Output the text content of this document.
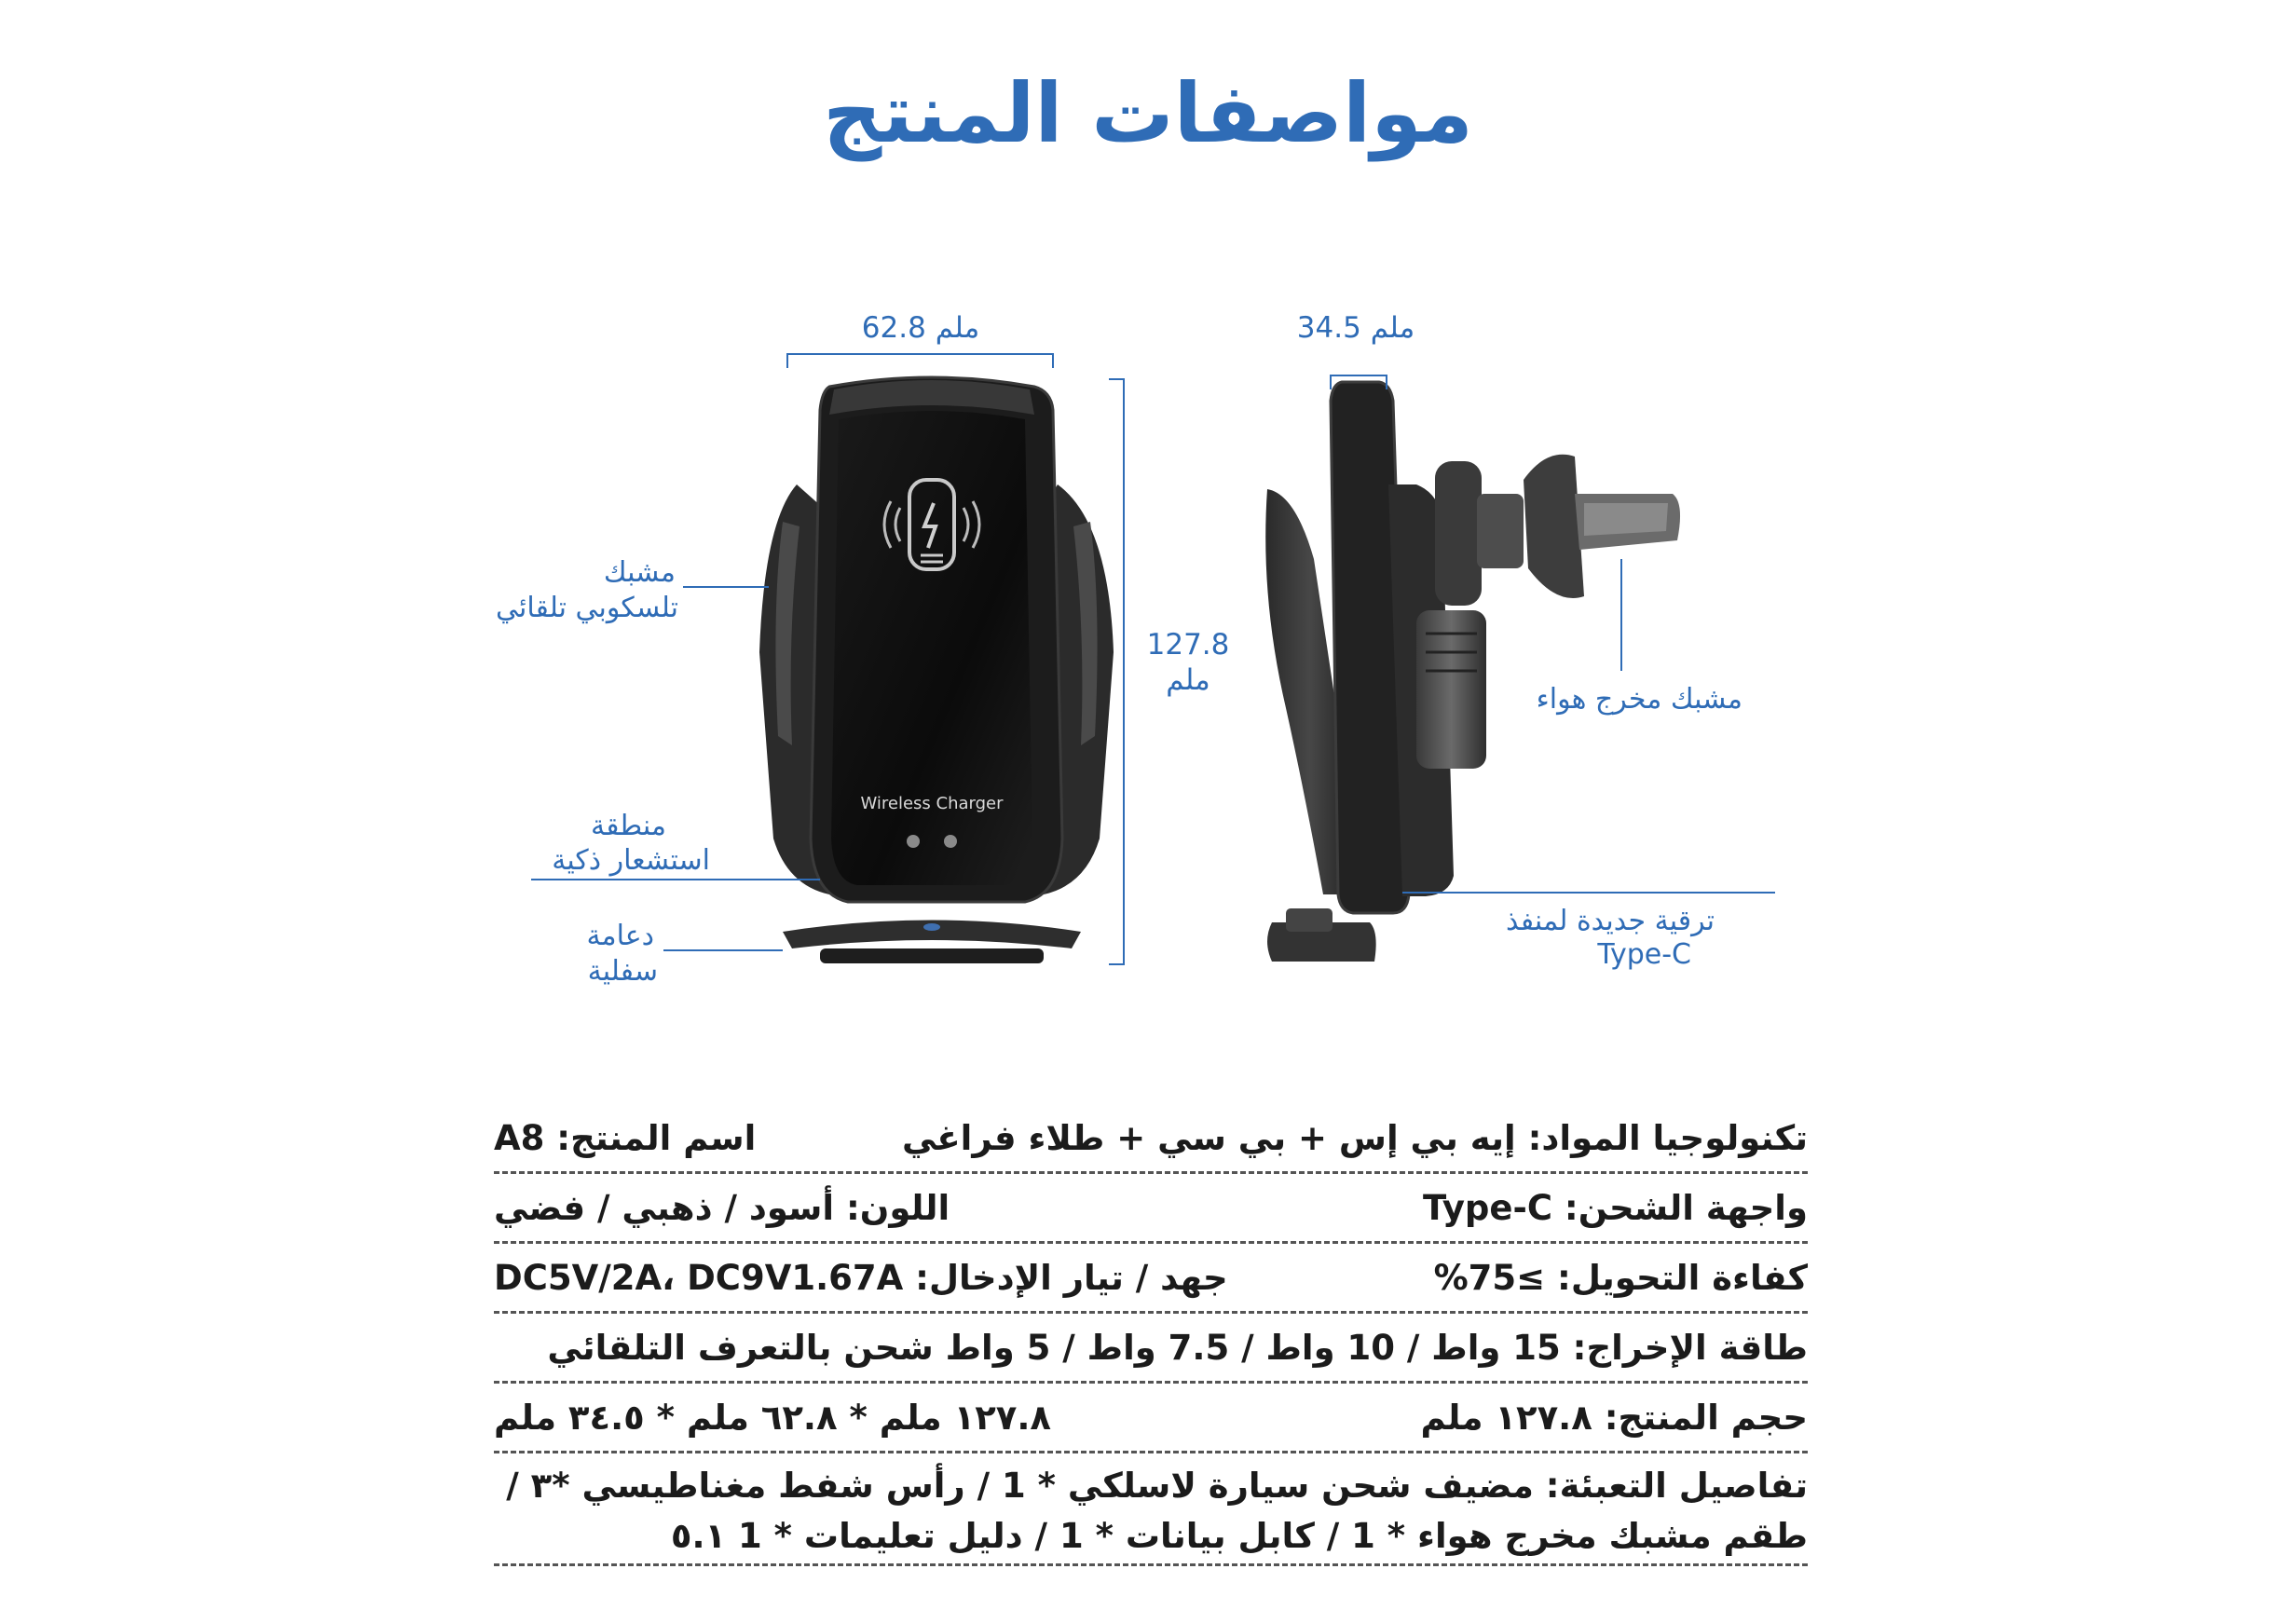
مواصفات المنتج
Wireless Charger
62.8 ملم
127.8
ملم
مشبك
تلسكوبي تلقائي
منطقة
استشعار ذكية
دعامة
سفلية
34.5 ملم
مشبك مخرج هواء
ترقية جديدة لمنفذ
Type-C
تكنولوجيا المواد: إيه بي إس + بي سي + طلاء فراغي
A8 :اسم المنتج
واجهة الشحن: Type-C
اللون: أسود / ذهبي / فضي
كفاءة التحويل: ≥75%
DC5V/2A، DC9V1.67A :جهد / تيار الإدخال
طاقة الإخراج: 15 واط / 10 واط / 7.5 واط / 5 واط شحن بالتعرف التلقائي
حجم المنتج: ١٢٧.٨ ملم
١٢٧.٨ ملم * ٦٢.٨ ملم * ٣٤.٥ ملم
تفاصيل التعبئة: مضيف شحن سيارة لاسلكي * 1 / رأس شفط مغناطيسي *٣ / طقم مشبك مخرج هواء * 1 / كابل بيانات * 1 / دليل تعليمات * 1 ٥.١
